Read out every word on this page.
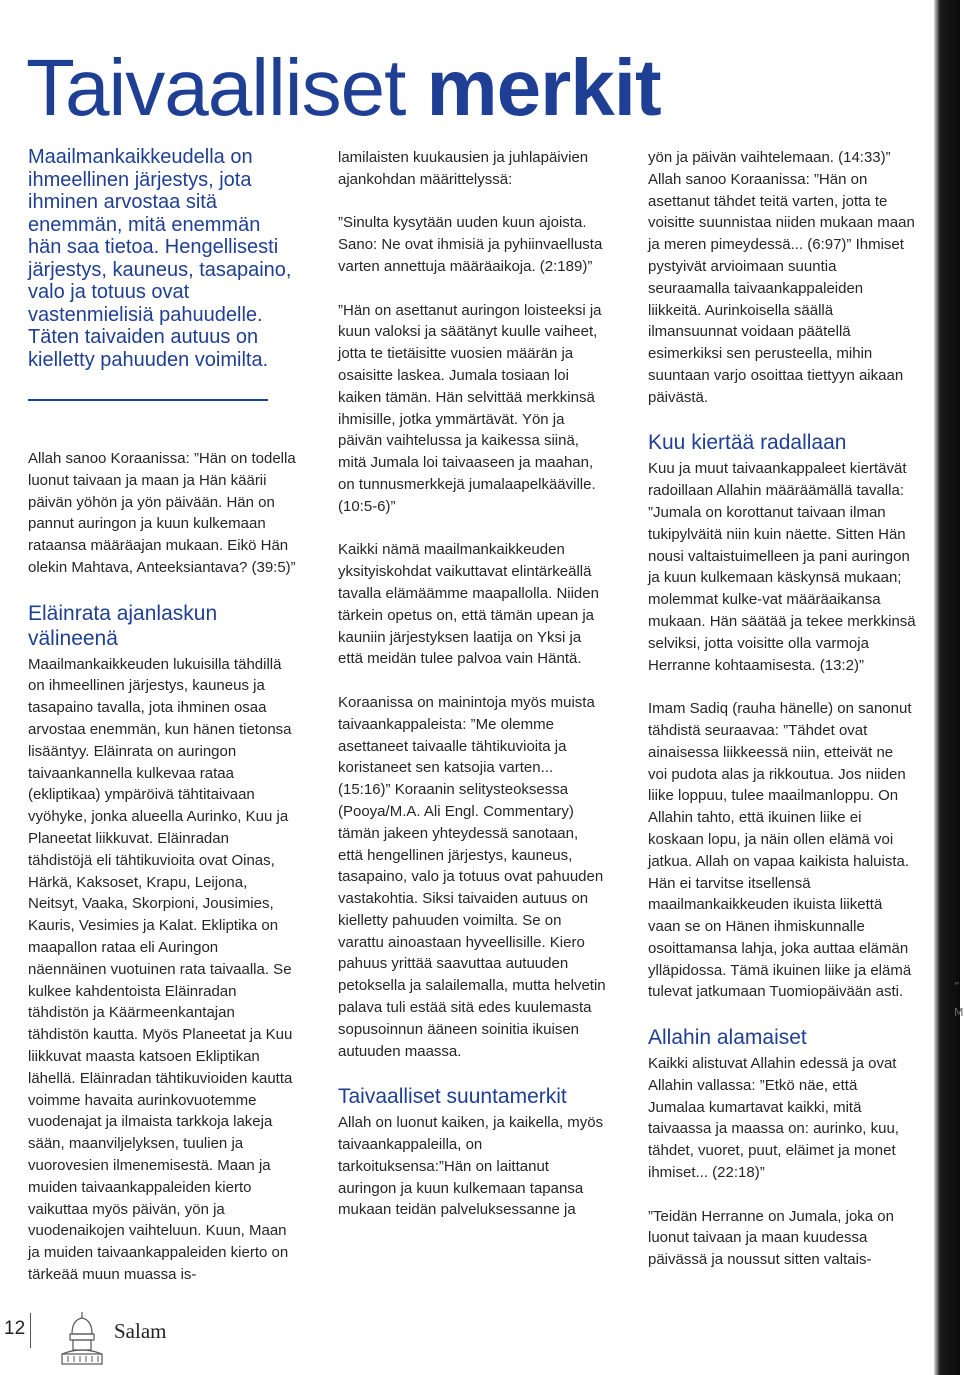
”
M
Taivaalliset merkit

Maailmankaikkeudella on ihmeellinen järjestys, jota ihminen arvostaa sitä enemmän, mitä enemmän hän saa tietoa. Hengellisesti järjestys, kauneus, tasapaino, valo ja totuus ovat vastenmielisiä pahuudelle. Täten taivaiden autuus on kielletty pahuuden voimilta.

Allah sanoo Koraanissa: ”Hän on todella luonut taivaan ja maan ja Hän käärii päivän yöhön ja yön päivään. Hän on pannut auringon ja kuun kulkemaan rataansa määräajan mukaan. Eikö Hän olekin Mahtava, Anteeksiantava? (39:5)”

Eläinrata ajanlaskun välineenä

Maailmankaikkeuden lukuisilla tähdillä on ihmeellinen järjestys, kauneus ja tasapaino tavalla, jota ihminen osaa arvostaa enemmän, kun hänen tietonsa lisääntyy. Eläinrata on auringon taivaankannella kulkevaa rataa (ekliptikaa) ympäröivä tähtitaivaan vyöhyke, jonka alueella Aurinko, Kuu ja Planeetat liikkuvat. Eläinradan tähdistöjä eli tähtikuvioita ovat Oinas, Härkä, Kaksoset, Krapu, Leijona, Neitsyt, Vaaka, Skorpioni, Jousimies, Kauris, Vesimies ja Kalat. Ekliptika on maapallon rataa eli Auringon näennäinen vuotuinen rata taivaalla. Se kulkee kahdentoista Eläinradan tähdistön ja Käärmeenkantajan tähdistön kautta. Myös Planeetat ja Kuu liikkuvat maasta katsoen Ekliptikan lähellä. Eläinradan tähtikuvioiden kautta voimme havaita aurinkovuotemme vuodenajat ja ilmaista tarkkoja lakeja sään, maanviljelyksen, tuulien ja vuorovesien ilmenemisestä. Maan ja muiden taivaankappaleiden kierto vaikuttaa myös päivän, yön ja vuodenaikojen vaihteluun. Kuun, Maan ja muiden taivaankappaleiden kierto on tärkeää muun muassa is-

lamilaisten kuukausien ja juhlapäivien ajankohdan määrittelyssä:

”Sinulta kysytään uuden kuun ajoista. Sano: Ne ovat ihmisiä ja pyhiinvaellusta varten annettuja määräaikoja. (2:189)”

”Hän on asettanut auringon loisteeksi ja kuun valoksi ja säätänyt kuulle vaiheet, jotta te tietäisitte vuosien määrän ja osaisitte laskea. Jumala tosiaan loi kaiken tämän. Hän selvittää merkkinsä ihmisille, jotka ymmärtävät. Yön ja päivän vaihtelussa ja kaikessa siinä, mitä Jumala loi taivaaseen ja maahan, on tunnusmerkkejä jumalaapelkääville. (10:5-6)”

Kaikki nämä maailmankaikkeuden yksityiskohdat vaikuttavat elintärkeällä tavalla elämäämme maapallolla. Niiden tärkein opetus on, että tämän upean ja kauniin järjestyksen laatija on Yksi ja että meidän tulee palvoa vain Häntä.

Koraanissa on mainintoja myös muista taivaankappaleista: ”Me olemme asettaneet taivaalle tähtikuvioita ja koristaneet sen katsojia varten... (15:16)” Koraanin selitysteoksessa (Pooya/M.A. Ali Engl. Commentary) tämän jakeen yhteydessä sanotaan, että hengellinen järjestys, kauneus, tasapaino, valo ja totuus ovat pahuuden vastakohtia. Siksi taivaiden autuus on kielletty pahuuden voimilta. Se on varattu ainoastaan hyveellisille. Kiero pahuus yrittää saavuttaa autuuden petoksella ja salailemalla, mutta helvetin palava tuli estää sitä edes kuulemasta sopusoinnun ääneen soinitia ikuisen autuuden maassa.

Taivaalliset suuntamerkit

Allah on luonut kaiken, ja kaikella, myös taivaankappaleilla, on tarkoituksensa:”Hän on laittanut auringon ja kuun kulkemaan tapansa mukaan teidän palveluksessanne ja

yön ja päivän vaihtelemaan. (14:33)” Allah sanoo Koraanissa: ”Hän on asettanut tähdet teitä varten, jotta te voisitte suunnistaa niiden mukaan maan ja meren pimeydessä... (6:97)” Ihmiset pystyivät arvioimaan suuntia seuraamalla taivaankappaleiden liikkeitä. Aurinkoisella säällä ilmansuunnat voidaan päätellä esimerkiksi sen perusteella, mihin suuntaan varjo osoittaa tiettyyn aikaan päivästä.

Kuu kiertää radallaan

Kuu ja muut taivaankappaleet kiertävät radoillaan Allahin määräämällä tavalla: ”Jumala on korottanut taivaan ilman tukipylväitä niin kuin näette. Sitten Hän nousi valtaistuimelleen ja pani auringon ja kuun kulkemaan käskynsä mukaan; molemmat kulke-vat määräaikansa mukaan. Hän säätää ja tekee merkkinsä selviksi, jotta voisitte olla varmoja Herranne kohtaamisesta. (13:2)”

Imam Sadiq (rauha hänelle) on sanonut tähdistä seuraavaa: ”Tähdet ovat ainaisessa liikkeessä niin, etteivät ne voi pudota alas ja rikkoutua. Jos niiden liike loppuu, tulee maailmanloppu. On Allahin tahto, että ikuinen liike ei koskaan lopu, ja näin ollen elämä voi jatkua. Allah on vapaa kaikista haluista. Hän ei tarvitse itsellensä maailmankaikkeuden ikuista liikettä vaan se on Hänen ihmiskunnalle osoittamansa lahja, joka auttaa elämän ylläpidossa. Tämä ikuinen liike ja elämä tulevat jatkumaan Tuomiopäivään asti.

Allahin alamaiset

Kaikki alistuvat Allahin edessä ja ovat Allahin vallassa: ”Etkö näe, että Jumalaa kumartavat kaikki, mitä taivaassa ja maassa on: aurinko, kuu, tähdet, vuoret, puut, eläimet ja monet ihmiset... (22:18)”

”Teidän Herranne on Jumala, joka on luonut taivaan ja maan kuudessa päivässä ja noussut sitten valtais-

12	Salam
